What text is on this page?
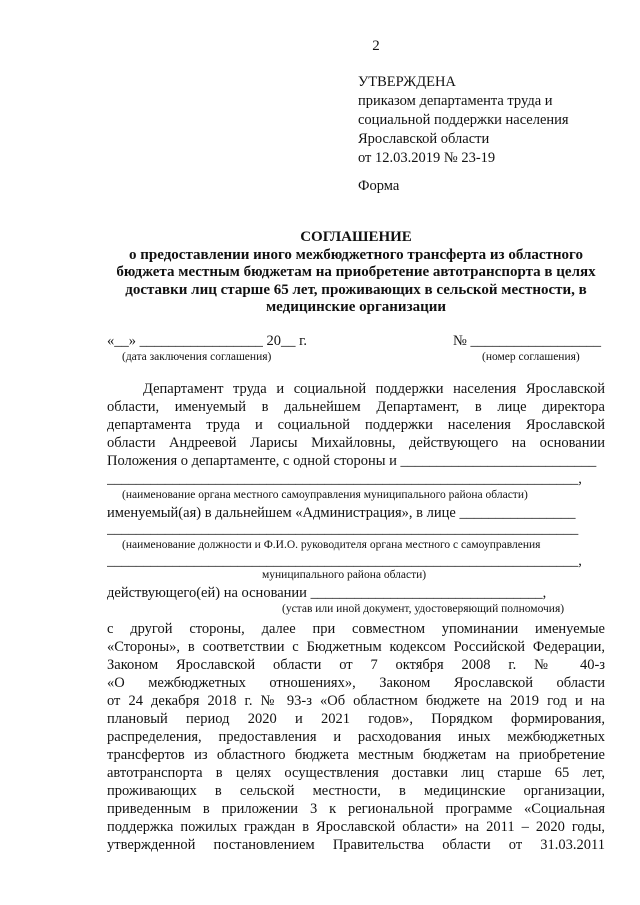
2
УТВЕРЖДЕНА
приказом департамента труда и
социальной поддержки населения
Ярославской области
от 12.03.2019 № 23-19
Форма
СОГЛАШЕНИЕ
о предоставлении иного межбюджетного трансферта из областного
бюджета местным бюджетам на приобретение автотранспорта в целях
доставки лиц старше 65 лет, проживающих в сельской местности, в
медицинские организации
«__» _________________ 20__ г.
(дата заключения соглашения)
№ __________________
(номер соглашения)
Департамент труда и социальной поддержки населения Ярославской
области, именуемый в дальнейшем Департамент, в лице директора
департамента труда и социальной поддержки населения Ярославской
области Андреевой Ларисы Михайловны, действующего на основании
Положения о департаменте, с одной стороны и ___________________________
_________________________________________________________________,
(наименование органа местного самоуправления муниципального района области)
именуемый(ая) в дальнейшем «Администрация», в лице ________________
_________________________________________________________________
(наименование должности и Ф.И.О. руководителя органа местного с самоуправления
_________________________________________________________________,
муниципального района области)
действующего(ей) на основании ________________________________,
(устав или иной документ, удостоверяющий полномочия)
с другой стороны, далее при совместном упоминании именуемые
«Стороны», в соответствии с Бюджетным кодексом Российской Федерации,
Законом Ярославской области от 7 октября 2008 г. № 40-з
«О межбюджетных отношениях», Законом Ярославской области
от 24 декабря 2018 г. № 93-з «Об областном бюджете на 2019 год и на
плановый период 2020 и 2021 годов», Порядком формирования,
распределения, предоставления и расходования иных межбюджетных
трансфертов из областного бюджета местным бюджетам на приобретение
автотранспорта в целях осуществления доставки лиц старше 65 лет,
проживающих в сельской местности, в медицинские организации,
приведенным в приложении 3 к региональной программе «Социальная
поддержка пожилых граждан в Ярославской области» на 2011 – 2020 годы,
утвержденной постановлением Правительства области от 31.03.2011
